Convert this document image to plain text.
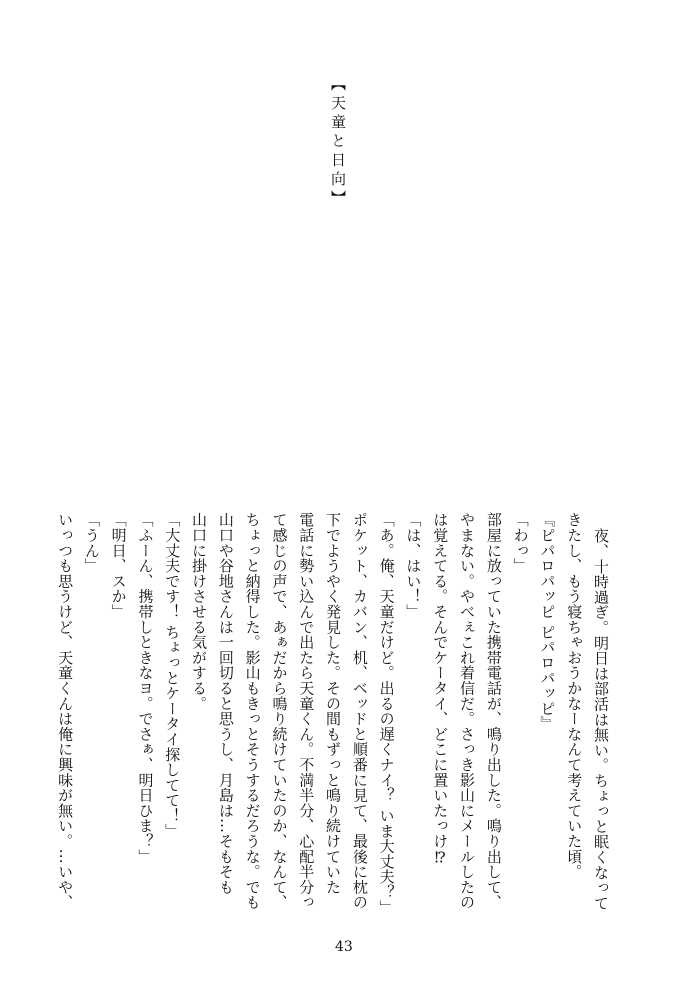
【天童と日向】
夜、十時過ぎ。明日は部活は無い。ちょっと眠くなって
きたし、もう寝ちゃおうかなーなんて考えていた頃。
『ピパロパッピ ピパロパッピ』
「わっ」
部屋に放っていた携帯電話が、鳴り出した。鳴り出して、
やまない。やべぇこれ着信だ。さっき影山にメールしたの
は覚えてる。そんでケータイ、どこに置いたっけ⁉
「は、はい！」
「あ。俺、天童だけど。出るの遅くナイ？ いま大丈夫？」
ポケット、カバン、机、ベッドと順番に見て、最後に枕の
下でようやく発見した。その間もずっと鳴り続けていた
電話に勢い込んで出たら天童くん。不満半分、心配半分っ
て感じの声で、あぁだから鳴り続けていたのか、なんて、
ちょっと納得した。影山もきっとそうするだろうな。でも
山口や谷地さんは一回切ると思うし、月島は…そもそも
山口に掛けさせる気がする。
「大丈夫です！ ちょっとケータイ探してて！」
「ふーん、携帯しときなヨ。でさぁ、明日ひま？」
「明日、スか」
「うん」
いっつも思うけど、天童くんは俺に興味が無い。…いや、
43
